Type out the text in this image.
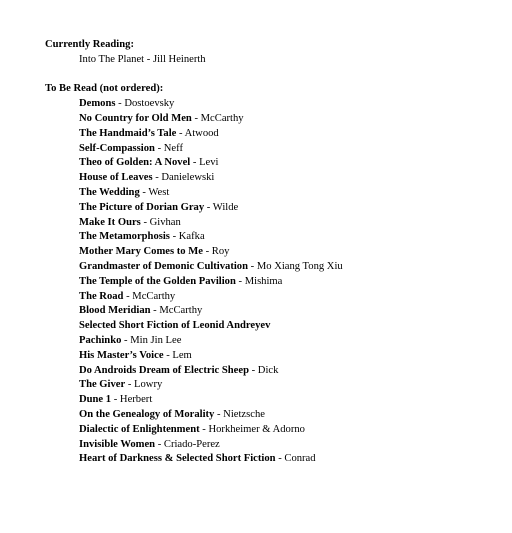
Currently Reading:
Into The Planet - Jill Heinerth
To Be Read (not ordered):
Demons - Dostoevsky
No Country for Old Men - McCarthy
The Handmaid’s Tale - Atwood
Self-Compassion - Neff
Theo of Golden: A Novel - Levi
House of Leaves - Danielewski
The Wedding - West
The Picture of Dorian Gray - Wilde
Make It Ours - Givhan
The Metamorphosis - Kafka
Mother Mary Comes to Me - Roy
Grandmaster of Demonic Cultivation - Mo Xiang Tong Xiu
The Temple of the Golden Pavilion - Mishima
The Road - McCarthy
Blood Meridian - McCarthy
Selected Short Fiction of Leonid Andreyev
Pachinko - Min Jin Lee
His Master’s Voice - Lem
Do Androids Dream of Electric Sheep - Dick
The Giver - Lowry
Dune 1 - Herbert
On the Genealogy of Morality - Nietzsche
Dialectic of Enlightenment - Horkheimer & Adorno
Invisible Women - Criado-Perez
Heart of Darkness & Selected Short Fiction - Conrad
